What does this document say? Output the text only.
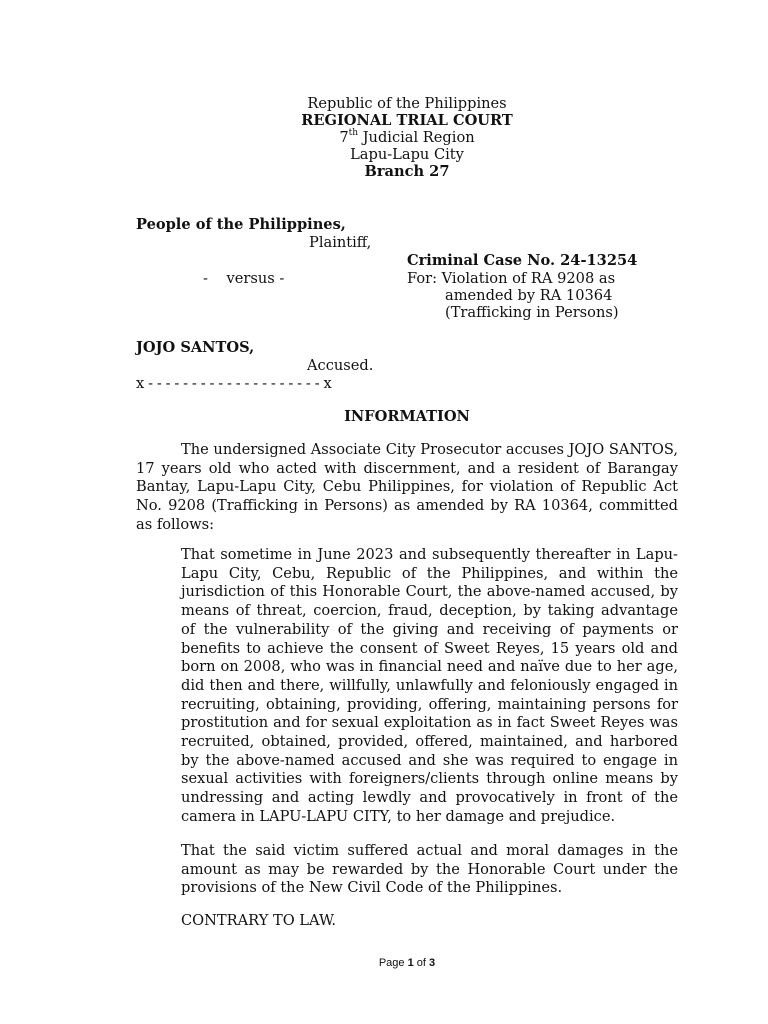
Republic of the Philippines
REGIONAL TRIAL COURT
7th Judicial Region
Lapu-Lapu City
Branch 27
People of the Philippines,
Plaintiff,
Criminal Case No. 24-13254
-    versus -	For: Violation of RA 9208 as
amended by RA 10364
(Trafficking in Persons)
JOJO SANTOS,
Accused.
x - - - - - - - - - - - - - - - - - - - - x
INFORMATION

The undersigned Associate City Prosecutor accuses JOJO SANTOS, 17 years old who acted with discernment, and a resident of Barangay Bantay, Lapu-Lapu City, Cebu Philippines, for violation of Republic Act No. 9208 (Trafficking in Persons) as amended by RA 10364, committed as follows:

That sometime in June 2023 and subsequently thereafter in Lapu-Lapu City, Cebu, Republic of the Philippines, and within the jurisdiction of this Honorable Court, the above-named accused, by means of threat, coercion, fraud, deception, by taking advantage of the vulnerability of the giving and receiving of payments or benefits to achieve the consent of Sweet Reyes, 15 years old and born on 2008, who was in financial need and naïve due to her age, did then and there, willfully, unlawfully and feloniously engaged in recruiting, obtaining, providing, offering, maintaining persons for prostitution and for sexual exploitation as in fact Sweet Reyes was recruited, obtained, provided, offered, maintained, and harbored by the above-named accused and she was required to engage in sexual activities with foreigners/clients through online means by undressing and acting lewdly and provocatively in front of the camera in LAPU-LAPU CITY, to her damage and prejudice.

That the said victim suffered actual and moral damages in the amount as may be rewarded by the Honorable Court under the provisions of the New Civil Code of the Philippines.

CONTRARY TO LAW.
Page 1 of 3
